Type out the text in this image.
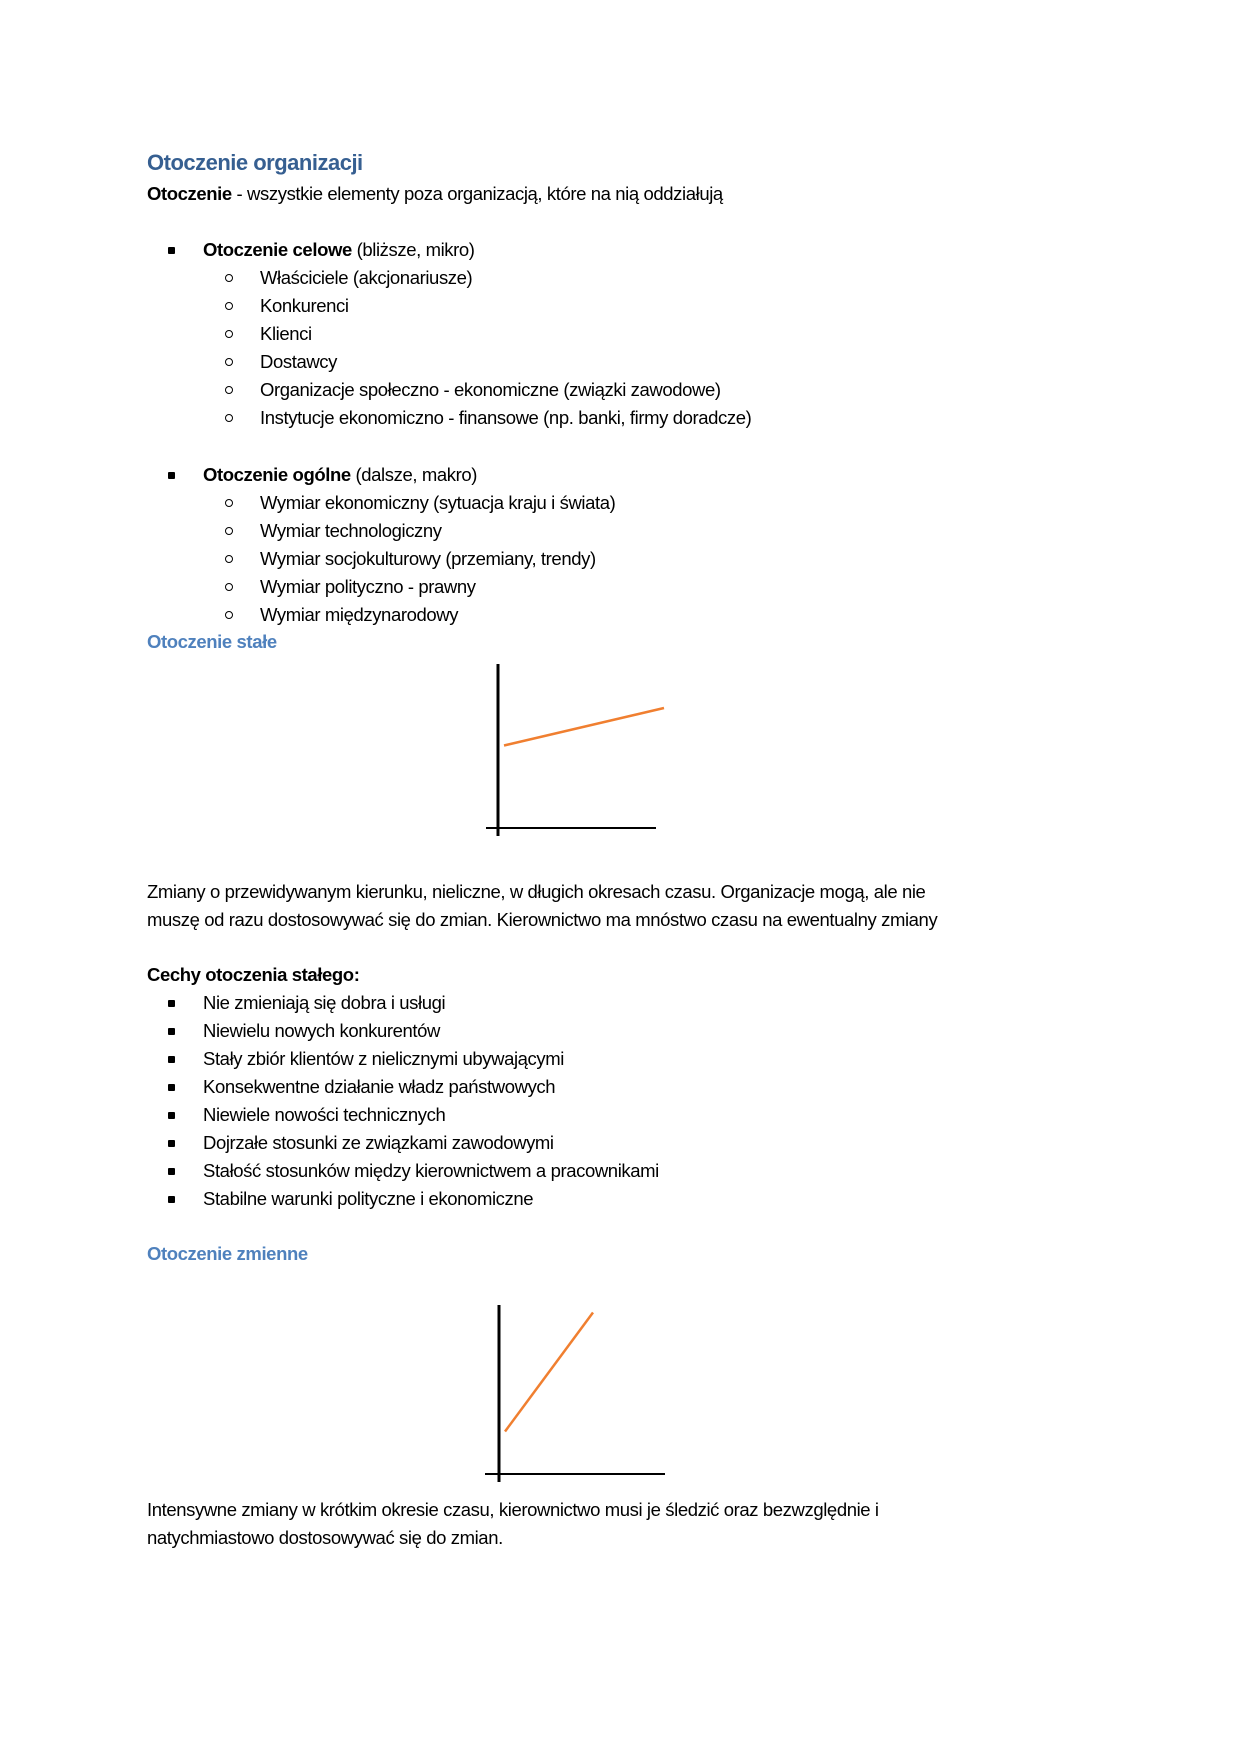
Otoczenie organizacji
Otoczenie - wszystkie elementy poza organizacją, które na nią oddziałują
Otoczenie celowe (bliższe, mikro)
Właściciele (akcjonariusze)
Konkurenci
Klienci
Dostawcy
Organizacje społeczno - ekonomiczne (związki zawodowe)
Instytucje ekonomiczno - finansowe (np. banki, firmy doradcze)
Otoczenie ogólne (dalsze, makro)
Wymiar ekonomiczny (sytuacja kraju i świata)
Wymiar technologiczny
Wymiar socjokulturowy (przemiany, trendy)
Wymiar polityczno - prawny
Wymiar międzynarodowy
Nie zmieniają się dobra i usługi
Niewielu nowych konkurentów
Stały zbiór klientów z nielicznymi ubywającymi
Konsekwentne działanie władz państwowych
Niewiele nowości technicznych
Dojrzałe stosunki ze związkami zawodowymi
Stałość stosunków między kierownictwem a pracownikami
Stabilne warunki polityczne i ekonomiczne
Otoczenie stałe
Zmiany o przewidywanym kierunku, nieliczne, w długich okresach czasu. Organizacje mogą, ale nie
muszę od razu dostosowywać się do zmian. Kierownictwo ma mnóstwo czasu na ewentualny zmiany
Cechy otoczenia stałego:
Otoczenie zmienne
Intensywne zmiany w krótkim okresie czasu, kierownictwo musi je śledzić oraz bezwzględnie i
natychmiastowo dostosowywać się do zmian.
